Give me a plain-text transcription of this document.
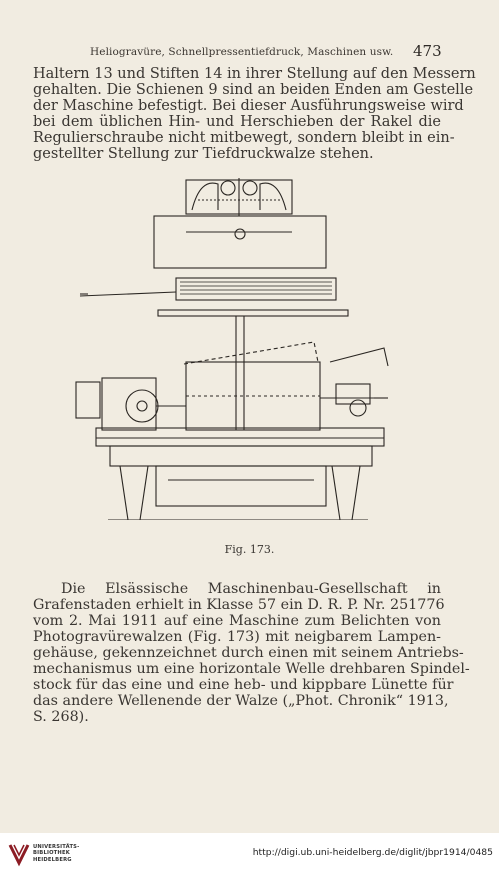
Heliogravüre, Schnellpressentiefdruck, Maschinen usw. 473
Haltern 13 und Stiften 14 in ihrer Stellung auf den Messern
gehalten. Die Schienen 9 sind an beiden Enden am Gestelle
der Maschine befestigt. Bei dieser Ausführungsweise wird
bei dem üblichen Hin- und Herschieben der Rakel die
Regulierschraube nicht mitbewegt, sondern bleibt in ein-
gestellter Stellung zur Tiefdruckwalze stehen.
Fig. 173.
Die Elsässische Maschinenbau-Gesellschaft in
Grafenstaden erhielt in Klasse 57 ein D. R. P. Nr. 251776
vom 2. Mai 1911 auf eine Maschine zum Belichten von
Photogravürewalzen (Fig. 173) mit neigbarem Lampen-
gehäuse, gekennzeichnet durch einen mit seinem Antriebs-
mechanismus um eine horizontale Welle drehbaren Spindel-
stock für das eine und eine heb- und kippbare Lünette für
das andere Wellenende der Walze („Phot. Chronik“ 1913,
S. 268).
UNIVERSITÄTS-
BIBLIOTHEK
HEIDELBERG
http://digi.ub.uni-heidelberg.de/diglit/jbpr1914/0485
